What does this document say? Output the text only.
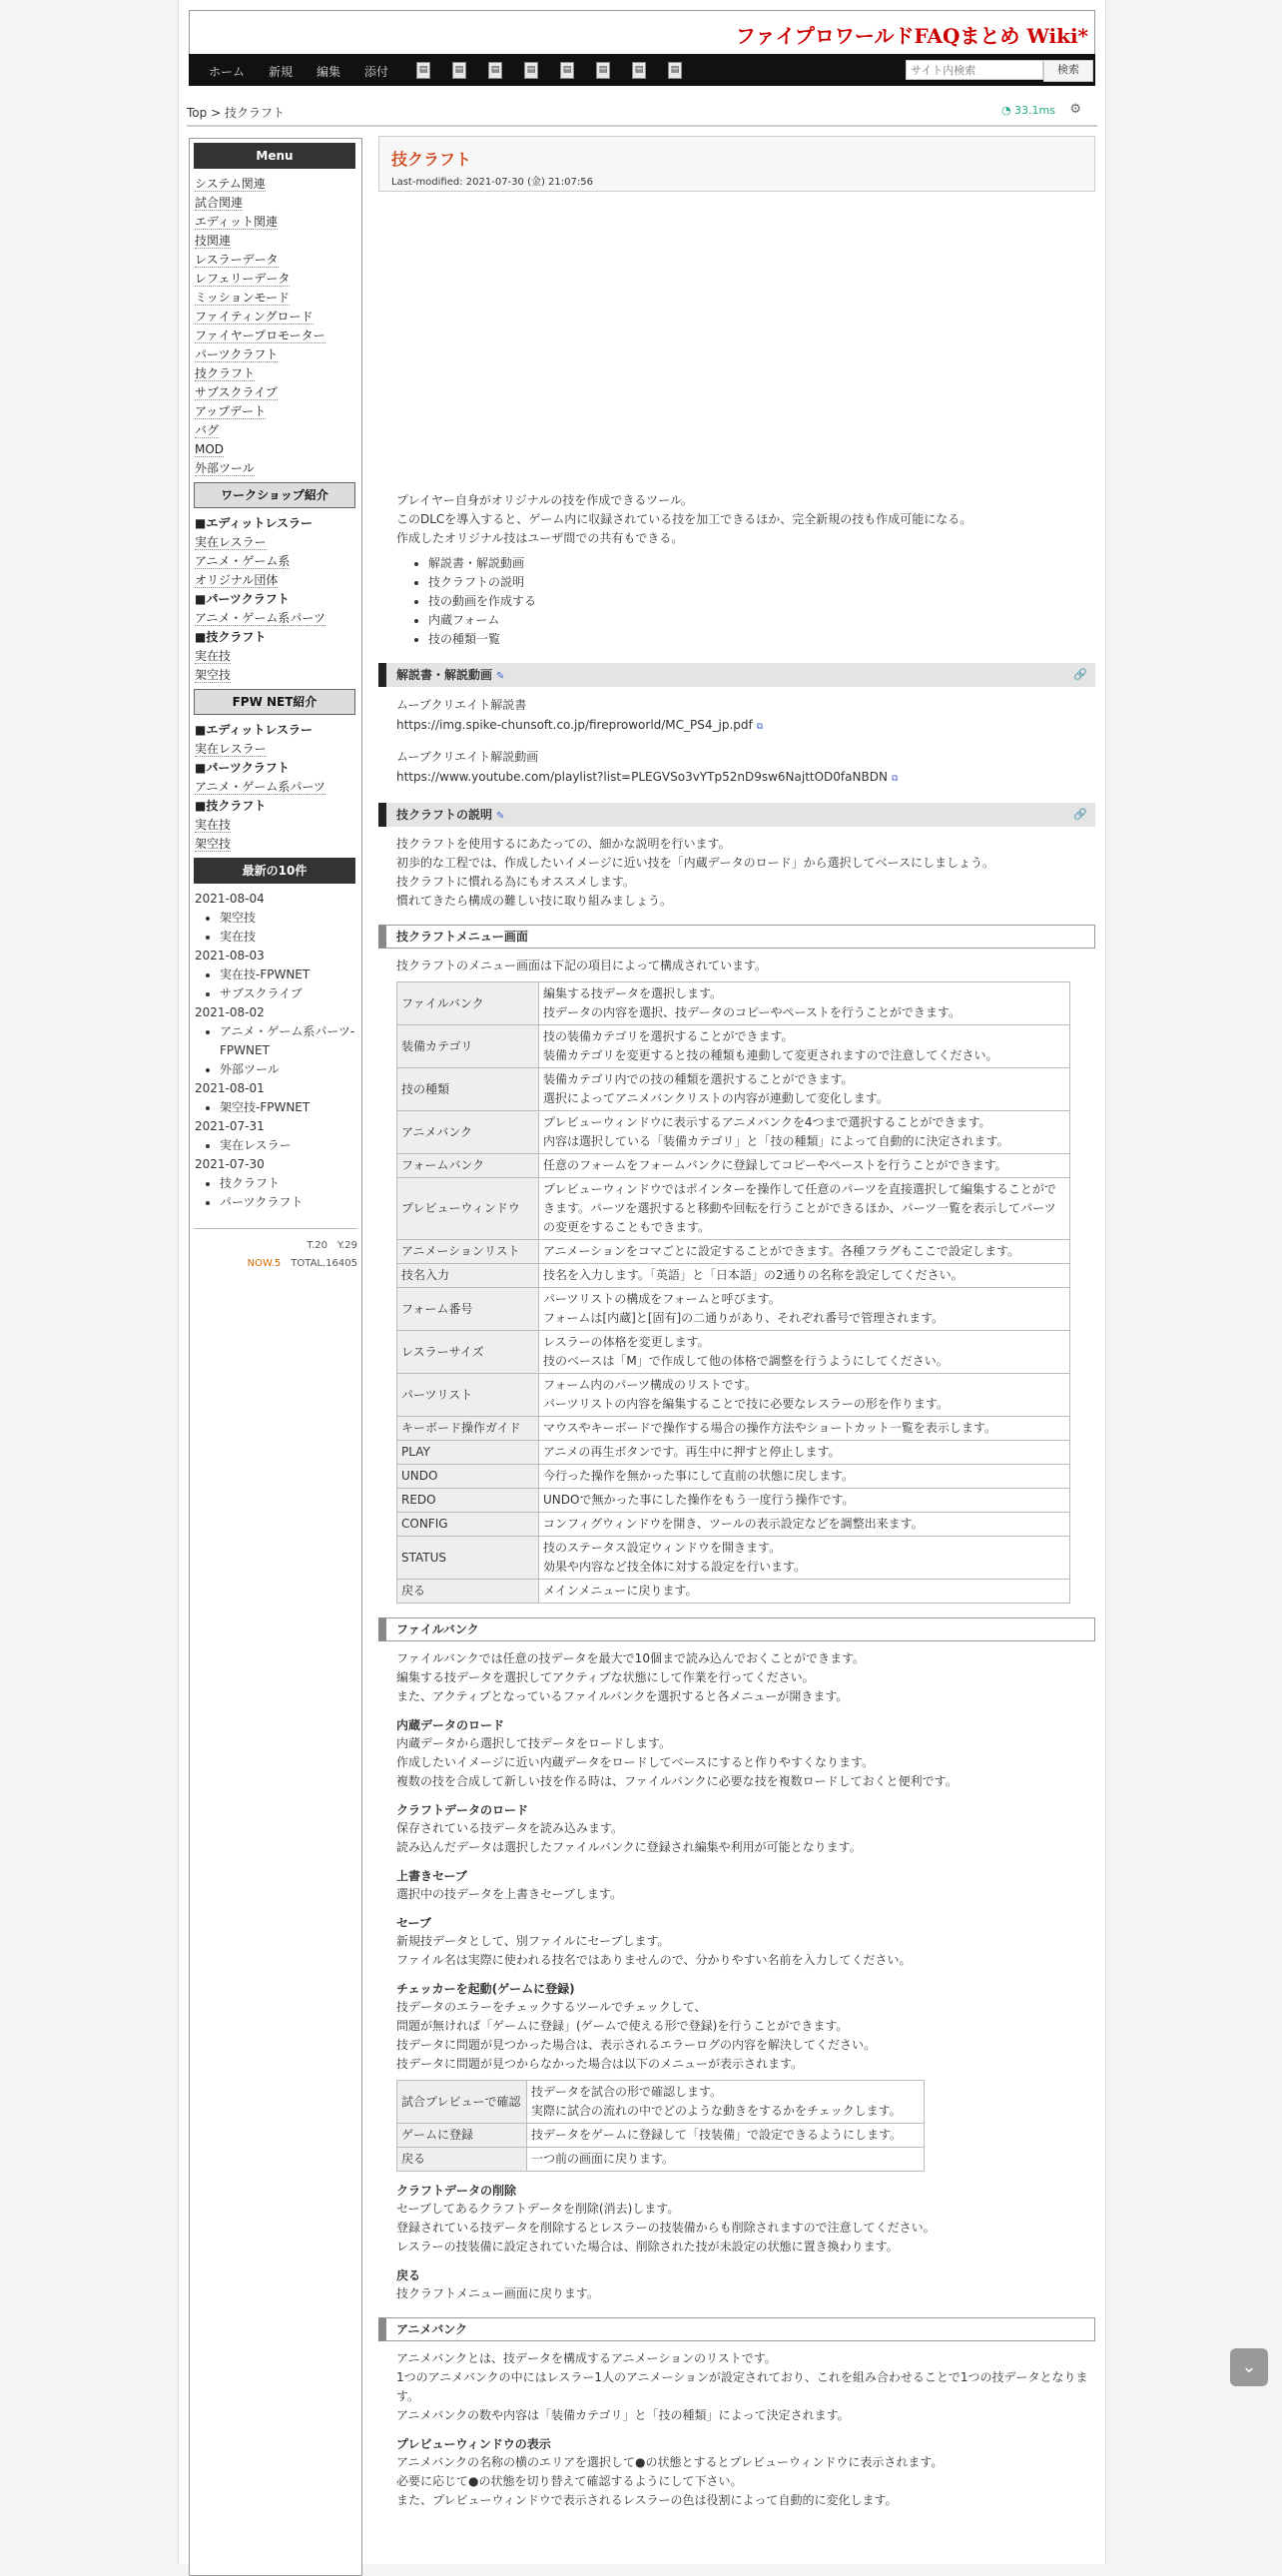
ファイプロワールドFAQまとめ Wiki*
ホーム 新規 編集 添付	▤	▤	▤	▤	▤	▤	▤	▤
サイト内検索	検索
Top > 技クラフト	◔ 33.1ms ⚙
Menu
システム関連
試合関連
エディット関連
技関連
レスラーデータ
レフェリーデータ
ミッションモード
ファイティングロード
ファイヤープロモーター
パーツクラフト
技クラフト
サブスクライブ
アップデート
バグ
MOD
外部ツール
ワークショップ紹介
■エディットレスラー
実在レスラー
アニメ・ゲーム系
オリジナル団体
■パーツクラフト
アニメ・ゲーム系パーツ
■技クラフト
実在技
架空技
FPW NET紹介
■エディットレスラー
実在レスラー
■パーツクラフト
アニメ・ゲーム系パーツ
■技クラフト
実在技
架空技
最新の10件
2021-08-04
• 架空技
• 実在技
2021-08-03
• 実在技-FPWNET
• サブスクライブ
2021-08-02
• アニメ・ゲーム系パーツ-FPWNET
• 外部ツール
2021-08-01
• 架空技-FPWNET
2021-07-31
• 実在レスラー
2021-07-30
• 技クラフト
• パーツクラフト
T.20　Y.29
NOW.5　 TOTAL.16405
技クラフト
Last-modified: 2021-07-30 (金) 21:07:56
プレイヤー自身がオリジナルの技を作成できるツール。
このDLCを導入すると、ゲーム内に収録されている技を加工できるほか、完全新規の技も作成可能になる。
作成したオリジナル技はユーザ間での共有もできる。
• 解説書・解説動画
• 技クラフトの説明
• 技の動画を作成する
• 内蔵フォーム
• 技の種類一覧
解説書・解説動画 ✎	🔗
ムーブクリエイト解説書
https://img.spike-chunsoft.co.jp/fireproworld/MC_PS4_jp.pdf ⧉
ムーブクリエイト解説動画
https://www.youtube.com/playlist?list=PLEGVSo3vYTp52nD9sw6NajttOD0faNBDN ⧉
技クラフトの説明 ✎	🔗
技クラフトを使用するにあたっての、細かな説明を行います。
初歩的な工程では、作成したいイメージに近い技を「内蔵データのロード」から選択してベースにしましょう。
技クラフトに慣れる為にもオススメします。
慣れてきたら構成の難しい技に取り組みましょう。
技クラフトメニュー画面
技クラフトのメニュー画面は下記の項目によって構成されています。
ファイルバンク	編集する技データを選択します。
技データの内容を選択、技データのコピーやペーストを行うことができます。

装備カテゴリ	技の装備カテゴリを選択することができます。
装備カテゴリを変更すると技の種類も連動して変更されますので注意してください。

技の種類	装備カテゴリ内での技の種類を選択することができます。
選択によってアニメバンクリストの内容が連動して変化します。

アニメバンク	プレビューウィンドウに表示するアニメバンクを4つまで選択することができます。
内容は選択している「装備カテゴリ」と「技の種類」によって自動的に決定されます。

フォームバンク	任意のフォームをフォームバンクに登録してコピーやペーストを行うことができます。

プレビューウィンドウ	プレビューウィンドウではポインターを操作して任意のパーツを直接選択して編集することができます。パーツを選択すると移動や回転を行うことができるほか、パーツ一覧を表示してパーツの変更をすることもできます。

アニメーションリスト	アニメーションをコマごとに設定することができます。各種フラグもここで設定します。

技名入力	技名を入力します。「英語」と「日本語」の2通りの名称を設定してください。

フォーム番号	パーツリストの構成をフォームと呼びます。
フォームは[内蔵]と[固有]の二通りがあり、それぞれ番号で管理されます。

レスラーサイズ	レスラーの体格を変更します。
技のベースは「M」で作成して他の体格で調整を行うようにしてください。

パーツリスト	フォーム内のパーツ構成のリストです。
パーツリストの内容を編集することで技に必要なレスラーの形を作ります。

キーボード操作ガイド	マウスやキーボードで操作する場合の操作方法やショートカット一覧を表示します。

PLAY	アニメの再生ボタンです。再生中に押すと停止します。

UNDO	今行った操作を無かった事にして直前の状態に戻します。

REDO	UNDOで無かった事にした操作をもう一度行う操作です。

CONFIG	コンフィグウィンドウを開き、ツールの表示設定などを調整出来ます。

STATUS	技のステータス設定ウィンドウを開きます。
効果や内容など技全体に対する設定を行います。

戻る	メインメニューに戻ります。
ファイルバンク
ファイルバンクでは任意の技データを最大で10個まで読み込んでおくことができます。
編集する技データを選択してアクティブな状態にして作業を行ってください。
また、アクティブとなっているファイルバンクを選択すると各メニューが開きます。
内蔵データのロード
内蔵データから選択して技データをロードします。
作成したいイメージに近い内蔵データをロードしてベースにすると作りやすくなります。
複数の技を合成して新しい技を作る時は、ファイルバンクに必要な技を複数ロードしておくと便利です。
クラフトデータのロード
保存されている技データを読み込みます。
読み込んだデータは選択したファイルバンクに登録され編集や利用が可能となります。
上書きセーブ
選択中の技データを上書きセーブします。
セーブ
新規技データとして、別ファイルにセーブします。
ファイル名は実際に使われる技名ではありませんので、分かりやすい名前を入力してください。
チェッカーを起動(ゲームに登録)
技データのエラーをチェックするツールでチェックして、
問題が無ければ「ゲームに登録」(ゲームで使える形で登録)を行うことができます。
技データに問題が見つかった場合は、表示されるエラーログの内容を解決してください。
技データに問題が見つからなかった場合は以下のメニューが表示されます。
試合プレビューで確認	技データを試合の形で確認します。
実際に試合の流れの中でどのような動きをするかをチェックします。

ゲームに登録	技データをゲームに登録して「技装備」で設定できるようにします。

戻る	一つ前の画面に戻ります。
クラフトデータの削除
セーブしてあるクラフトデータを削除(消去)します。
登録されている技データを削除するとレスラーの技装備からも削除されますので注意してください。
レスラーの技装備に設定されていた場合は、削除された技が未設定の状態に置き換わります。
戻る
技クラフトメニュー画面に戻ります。
アニメバンク
アニメバンクとは、技データを構成するアニメーションのリストです。
1つのアニメバンクの中にはレスラー1人のアニメーションが設定されており、これを組み合わせることで1つの技データとなります。
アニメバンクの数や内容は「装備カテゴリ」と「技の種類」によって決定されます。
プレビューウィンドウの表示
アニメバンクの名称の横のエリアを選択して●の状態とするとプレビューウィンドウに表示されます。
必要に応じて●の状態を切り替えて確認するようにして下さい。
また、プレビューウィンドウで表示されるレスラーの色は役割によって自動的に変化します。
⌄
